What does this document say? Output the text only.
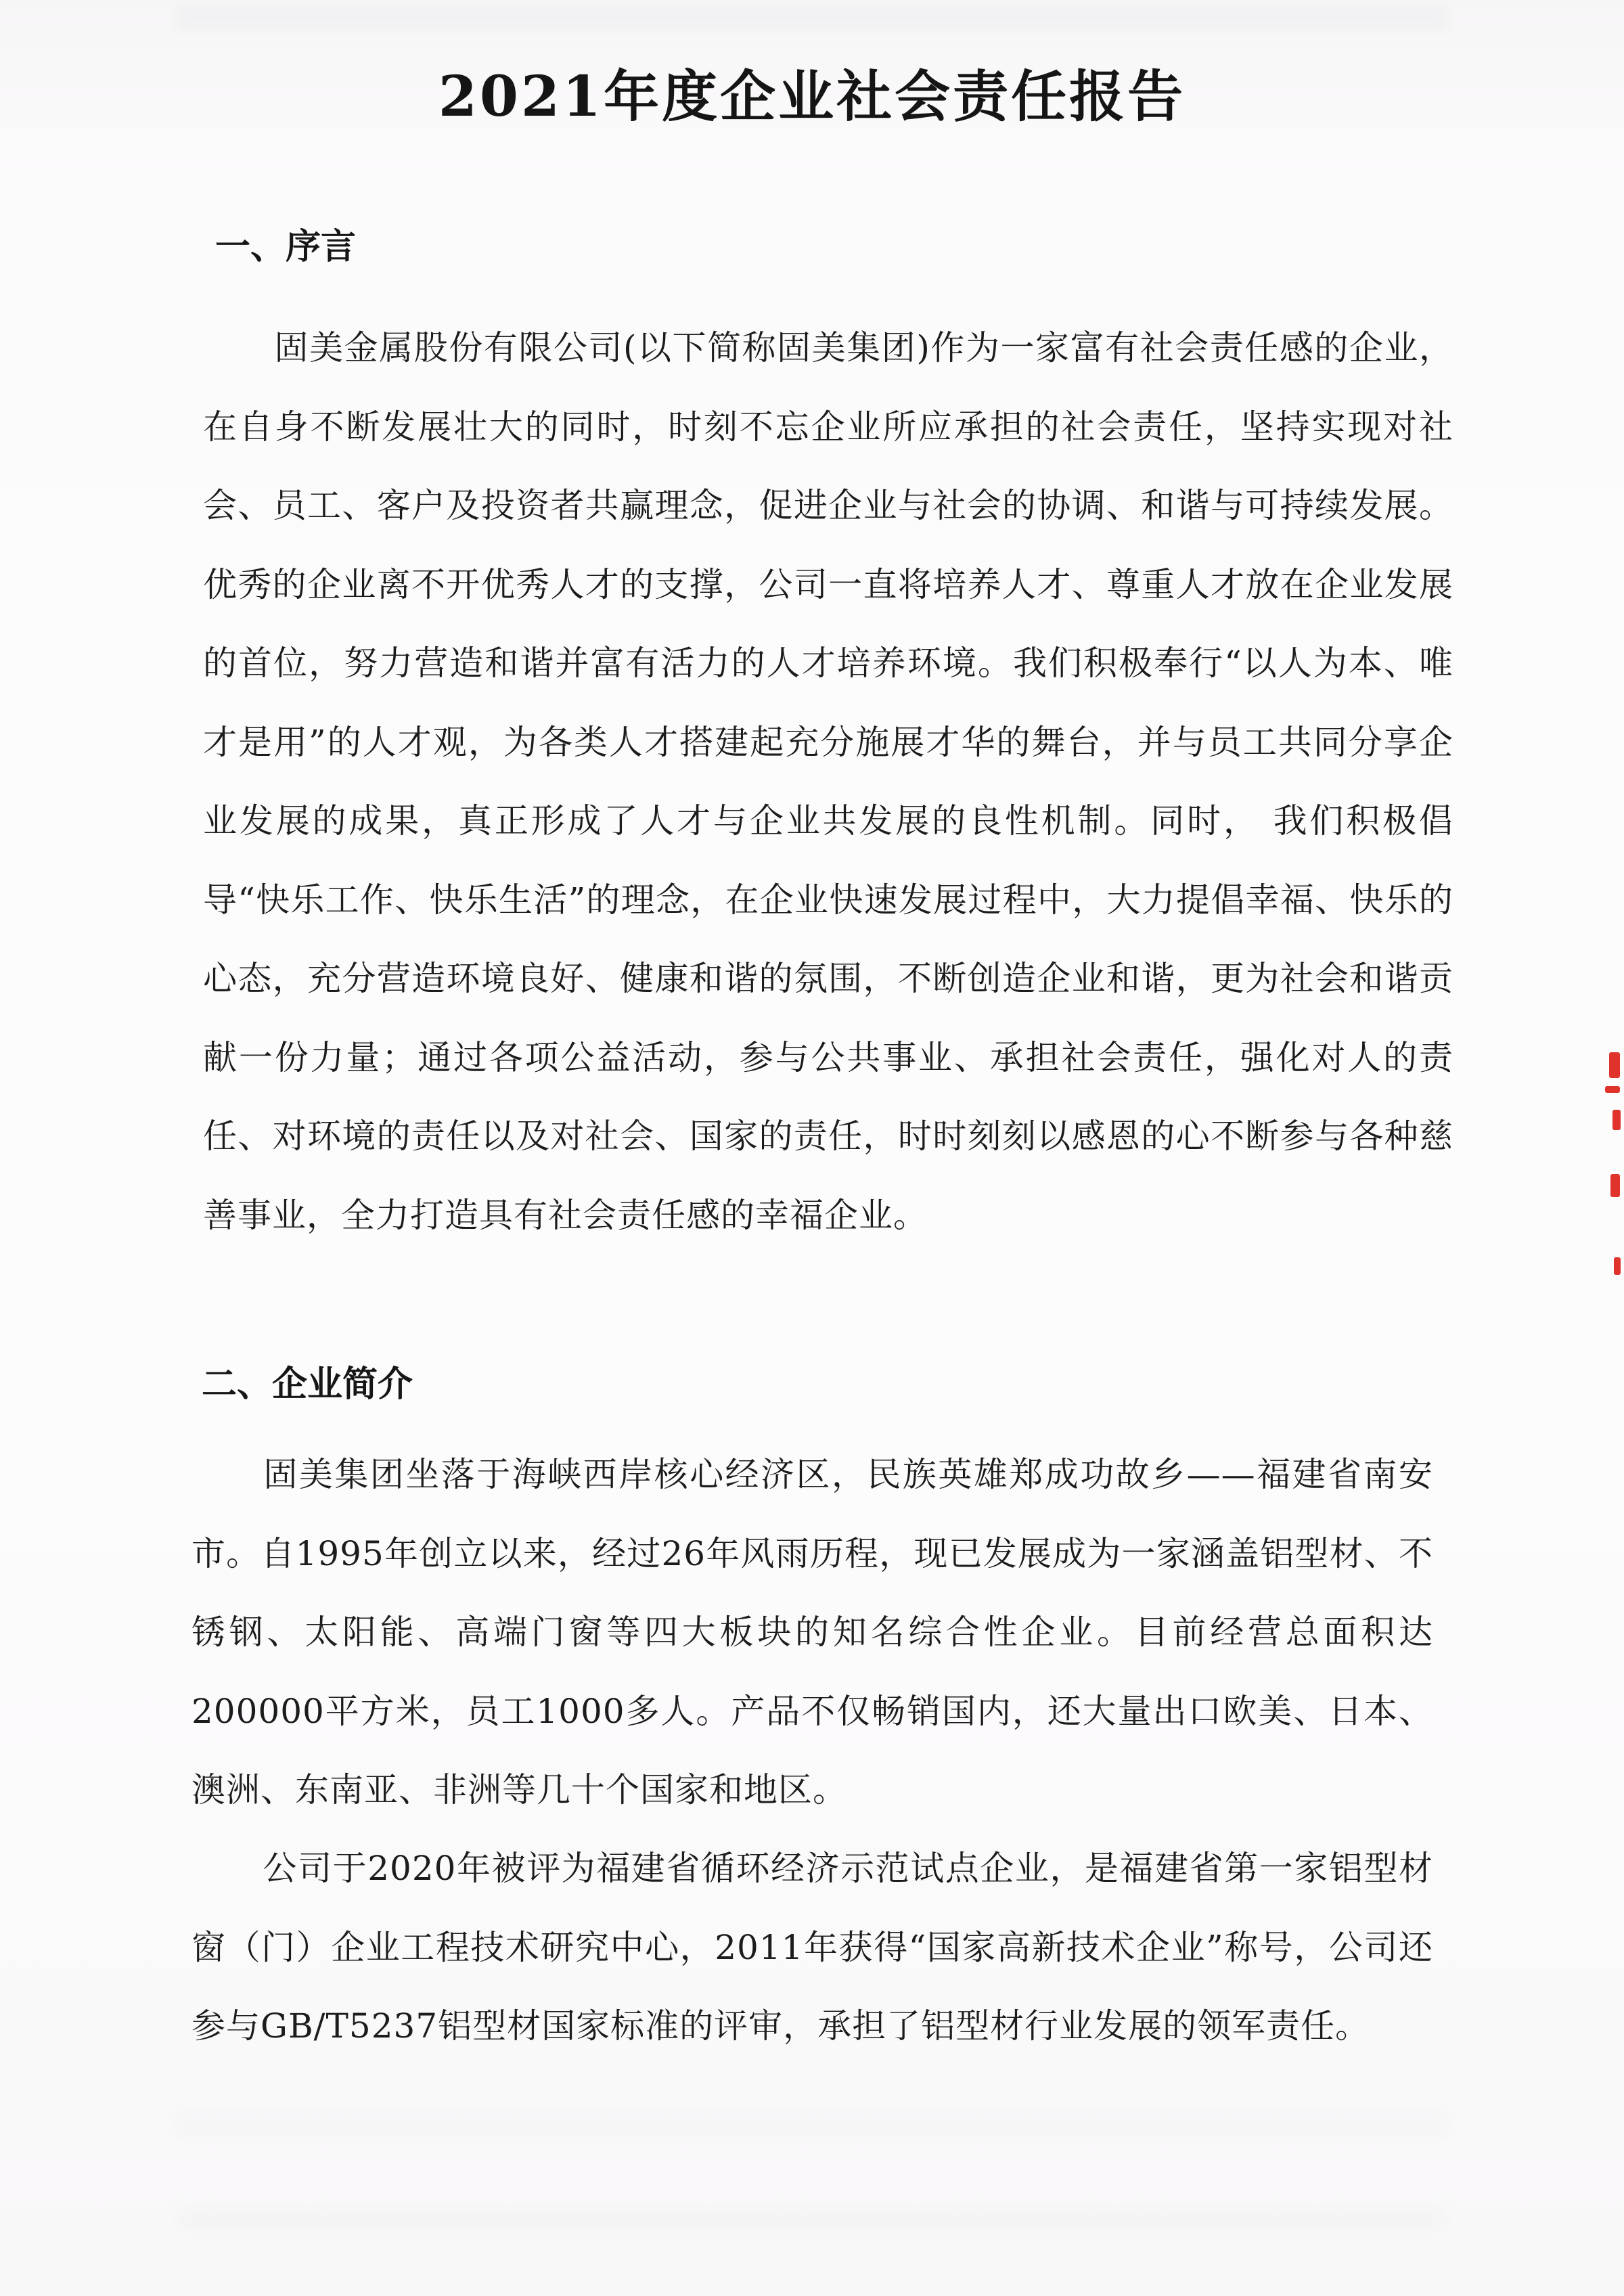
2021年度企业社会责任报告
一、序言
固美金属股份有限公司(以下简称固美集团)作为一家富有社会责任感的企业，在自身不断发展壮大的同时，时刻不忘企业所应承担的社会责任，坚持实现对社会、员工、客户及投资者共赢理念，促进企业与社会的协调、和谐与可持续发展。优秀的企业离不开优秀人才的支撑，公司一直将培养人才、尊重人才放在企业发展的首位，努力营造和谐并富有活力的人才培养环境。我们积极奉行“以人为本、唯才是用”的人才观，为各类人才搭建起充分施展才华的舞台，并与员工共同分享企业发展的成果，真正形成了人才与企业共发展的良性机制。同时， 我们积极倡导“快乐工作、快乐生活”的理念，在企业快速发展过程中，大力提倡幸福、快乐的心态，充分营造环境良好、健康和谐的氛围，不断创造企业和谐，更为社会和谐贡献一份力量；通过各项公益活动，参与公共事业、承担社会责任，强化对人的责任、对环境的责任以及对社会、国家的责任，时时刻刻以感恩的心不断参与各种慈善事业，全力打造具有社会责任感的幸福企业。
二、企业简介
固美集团坐落于海峡西岸核心经济区，民族英雄郑成功故乡——福建省南安市。自1995年创立以来，经过26年风雨历程，现已发展成为一家涵盖铝型材、不锈钢、太阳能、高端门窗等四大板块的知名综合性企业。目前经营总面积达200000平方米，员工1000多人。产品不仅畅销国内，还大量出口欧美、日本、澳洲、东南亚、非洲等几十个国家和地区。
公司于2020年被评为福建省循环经济示范试点企业，是福建省第一家铝型材窗（门）企业工程技术研究中心，2011年获得“国家高新技术企业”称号，公司还参与GB/T5237铝型材国家标准的评审，承担了铝型材行业发展的领军责任。
